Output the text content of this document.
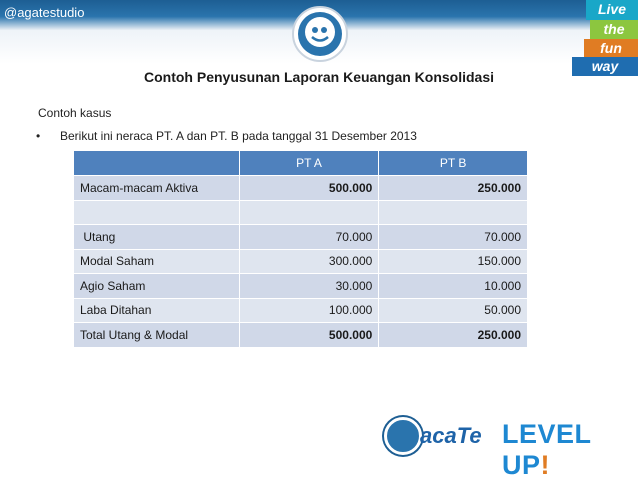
@agatestudio	Live
the
fun
way
Contoh Penyusunan Laporan Keuangan Konsolidasi
Contoh kasus
• Berikut ini neraca PT. A dan PT. B pada tanggal 31 Desember 2013
	PT A	PT B
Macam-macam Aktiva	500.000	250.000

Utang	70.000	70.000
Modal Saham	300.000	150.000
Agio Saham	30.000	10.000
Laba Ditahan	100.000	50.000
Total Utang & Modal	500.000	250.000
acaTe LEVEL UP!
